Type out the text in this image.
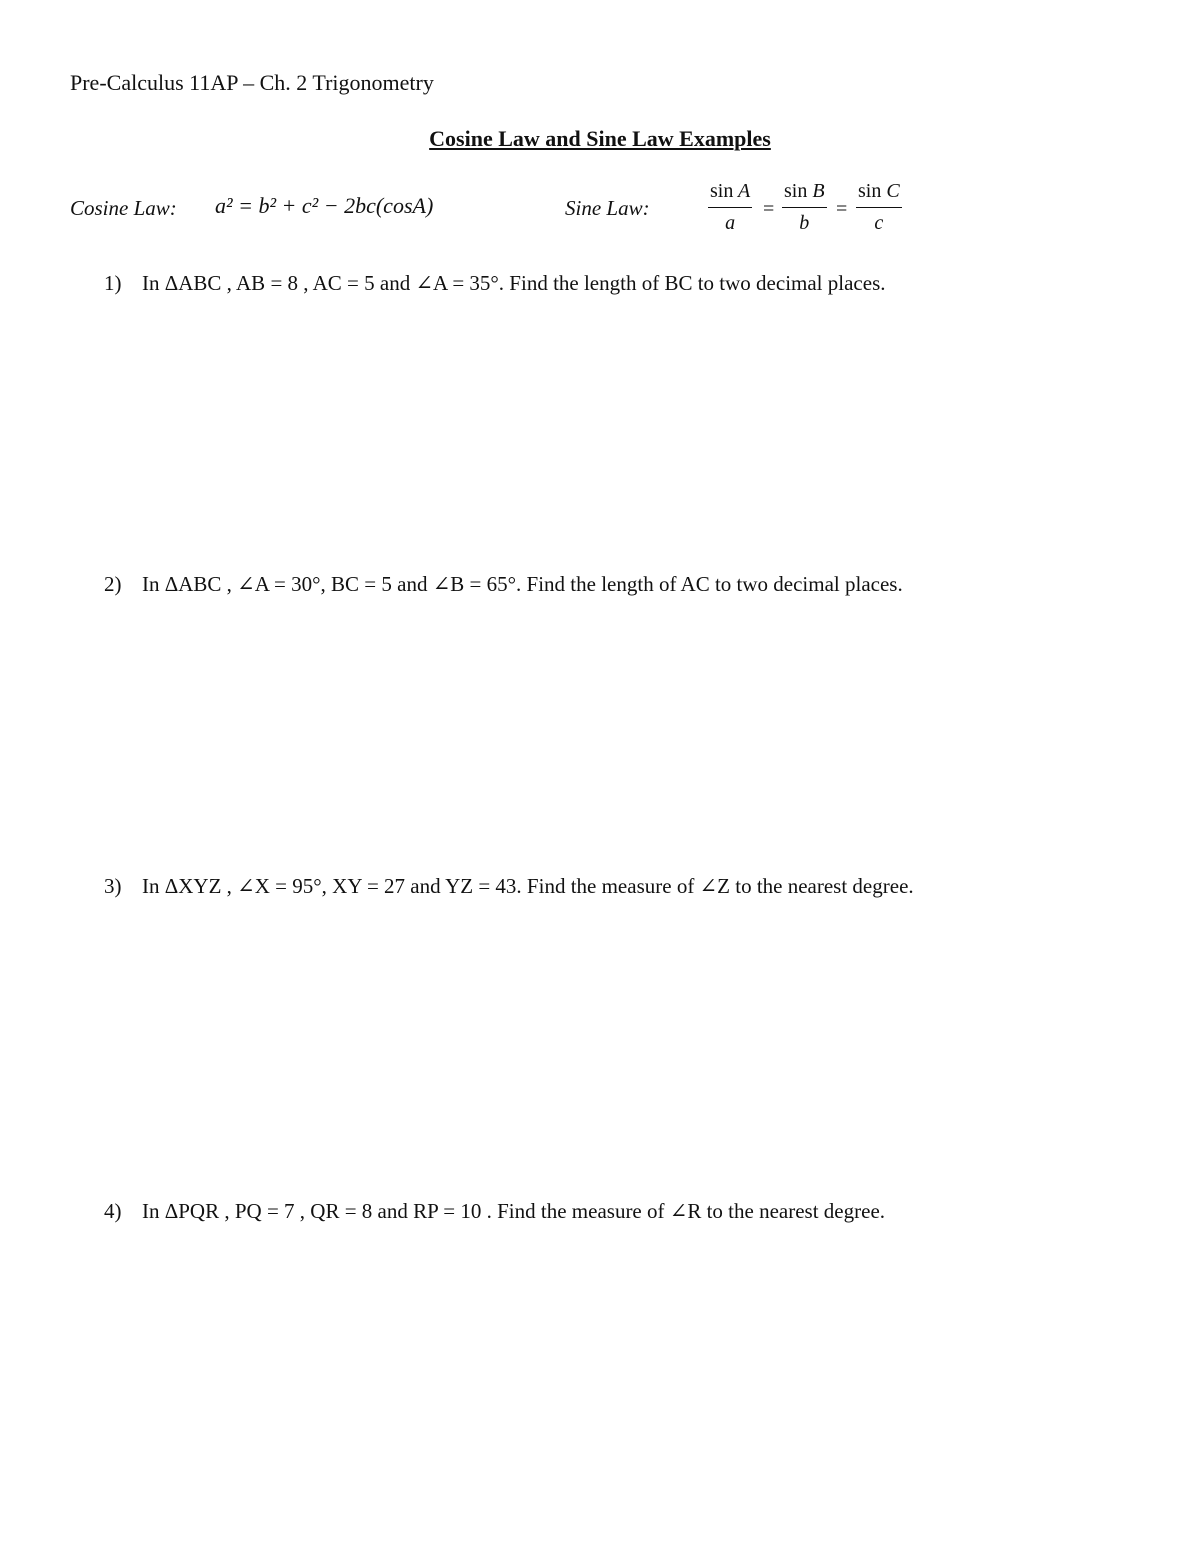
Pre-Calculus 11AP – Ch. 2 Trigonometry
Cosine Law and Sine Law Examples
Cosine Law: a² = b² + c² − 2bc(cosA)	Sine Law:	$\frac{\text{sin A}}{a} = \frac{\text{sin B}}{b} = \frac{\text{sin C}}{c}$
1) In ΔABC , AB = 8 , AC = 5 and ∠A = 35°. Find the length of BC to two decimal places.
2) In ΔABC , ∠A = 30°, BC = 5 and ∠B = 65°. Find the length of AC to two decimal places.
3) In ΔXYZ , ∠X = 95°, XY = 27 and YZ = 43. Find the measure of ∠Z to the nearest degree.
4) In ΔPQR , PQ = 7 , QR = 8 and RP = 10 . Find the measure of ∠R to the nearest degree.
